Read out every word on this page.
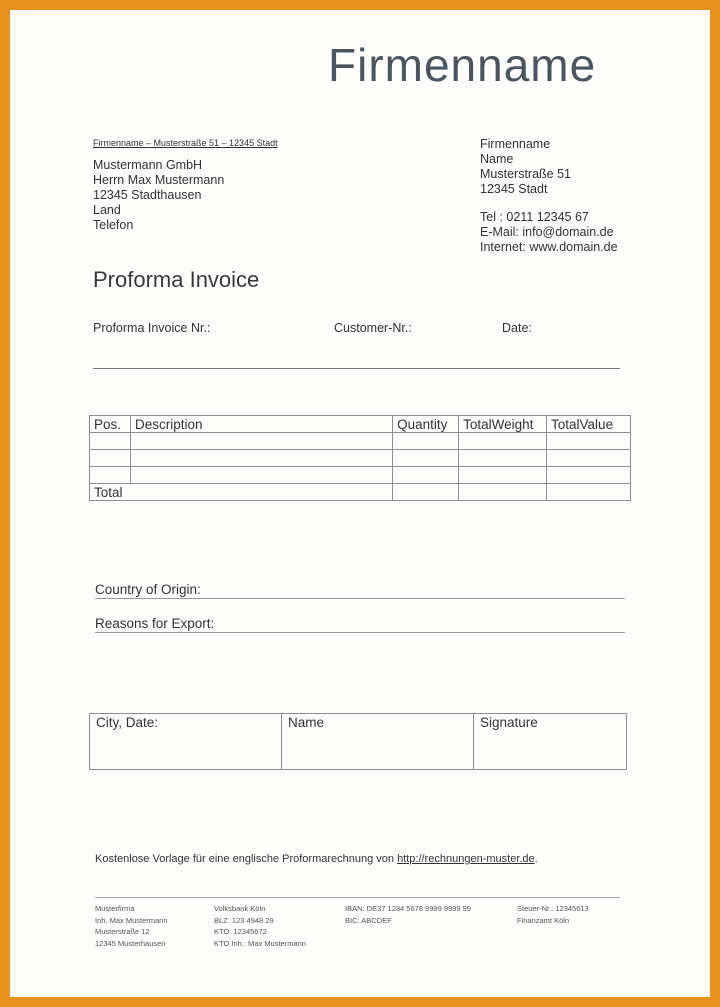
Firmenname
Firmenname – Musterstraße 51 – 12345 Stadt
Mustermann GmbH
Herrn Max Mustermann
12345 Stadthausen
Land
Telefon
Firmenname
Name
Musterstraße 51
12345 Stadt
Tel : 0211 12345 67
E-Mail: info@domain.de
Internet: www.domain.de
Proforma Invoice
Proforma Invoice Nr.:	Customer-Nr.:	Date:
Pos.	Description	Quantity	TotalWeight	TotalValue

Total				
Country of Origin:
Reasons for Export:
City, Date:	Name	Signature
Kostenlose Vorlage für eine englische Proformarechnung von http://rechnungen-muster.de.
Musterfirma
Inh. Max Mustermann
Musterstraße 12
12345 Musterhausen
Volksbank Köln
BLZ: 123 4948 29
KTO: 12345672
KTO Inh.: Max Mustermann
IBAN: DE37 1234 5678 9999 9999 99
BIC: ABCDEF
Steuer-Nr.: 12345613
Finanzamt Köln
